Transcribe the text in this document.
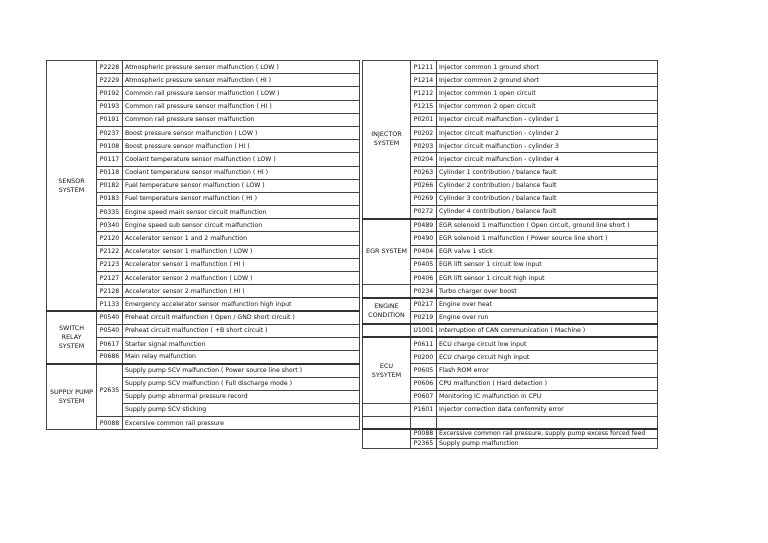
SENSOR
SYSTEM	P2228	Atmospheric pressure sensor malfunction ( LOW )
	P2229	Atmospheric pressure sensor malfunction ( HI )
	P0192	Common rail pressure sensor malfunction ( LOW )
	P0193	Common rail pressure sensor malfunction ( HI )
	P0191	Common rail pressure sensor malfunction
	P0237	Boost pressure sensor malfunction ( LOW )
	P0108	Boost pressure sensor malfunction ( HI )
	P0117	Coolant temperature sensor malfunction ( LOW )
	P0118	Coolant temperature sensor malfunction ( HI )
	P0182	Fuel temperature sensor malfunction ( LOW )
	P0183	Fuel temperature sensor malfunction ( HI )
	P0335	Engine speed main sensor circuit malfunction
	P0340	Engine speed sub sensor circuit malfunction
	P2120	Accelerator sensor 1 and 2 malfunction
	P2122	Accelerator sensor 1 malfunction ( LOW )
	P2123	Accelerator sensor 1 malfunction ( HI )
	P2127	Accelerator sensor 2 malfunction ( LOW )
	P2128	Accelerator sensor 2 malfunction ( HI )
	P1133	Emergency accelerator sensor malfunction high input
SWITCH RELAY
SYSTEM	P0540	Preheat circuit malfunction ( Open / GND short circuit )
	P0540	Preheat circuit malfunction ( +B short circuit )
	P0617	Starter signal malfunction
	P0686	Main relay malfunction
SUPPLY PUMP
SYSTEM	P2635	Supply pump SCV malfunction ( Power source line short )
		Supply pump SCV malfunction ( Full discharge mode )
		Supply pump abnormal pressure record
		Supply pump SCV sticking
	P0088	Excersive common rail pressure
INJECTOR
SYSTEM	P1211	Injector common 1 ground short
	P1214	Injector common 2 ground short
	P1212	Injector common 1 open circuit
	P1215	Injector common 2 open circuit
	P0201	Injector circuit malfunction - cylinder 1
	P0202	Injector circuit malfunction - cylinder 2
	P0203	Injector circuit malfunction - cylinder 3
	P0204	Injector circuit malfunction - cylinder 4
	P0263	Cylinder 1 contribution / balance fault
	P0266	Cylinder 2 contribution / balance fault
	P0269	Cylinder 3 contribution / balance fault
	P0272	Cylinder 4 contribution / balance fault
EGR SYSTEM	P0489	EGR solenoid 1 malfunction ( Open circuit, ground line short )
	P0490	EGR solenoid 1 malfunction ( Power source line short )
	P0404	EGR valve 1 stick
	P0405	EGR lift sensor 1 circuit low input
	P0406	EGR lift sensor 1 circuit high input
	P0234	Turbo charger over boost
ENGINE
CONDITION	P0217	Engine over heat
	P0219	Engine over run
	U1001	Interruption of CAN communication ( Machine )
ECU
SYSYTEM	P0611	ECU charge circuit low input
	P0200	ECU charge circuit high input
	P0605	Flash ROM error
	P0606	CPU malfunction ( Hard detection )
	P0607	Monitoring IC malfunction in CPU
	P1601	Injector correction data conformity error

	P0088	Excerssive common rail pressure, supply pump excess forced feed
	P2365	Supply pump malfunction
